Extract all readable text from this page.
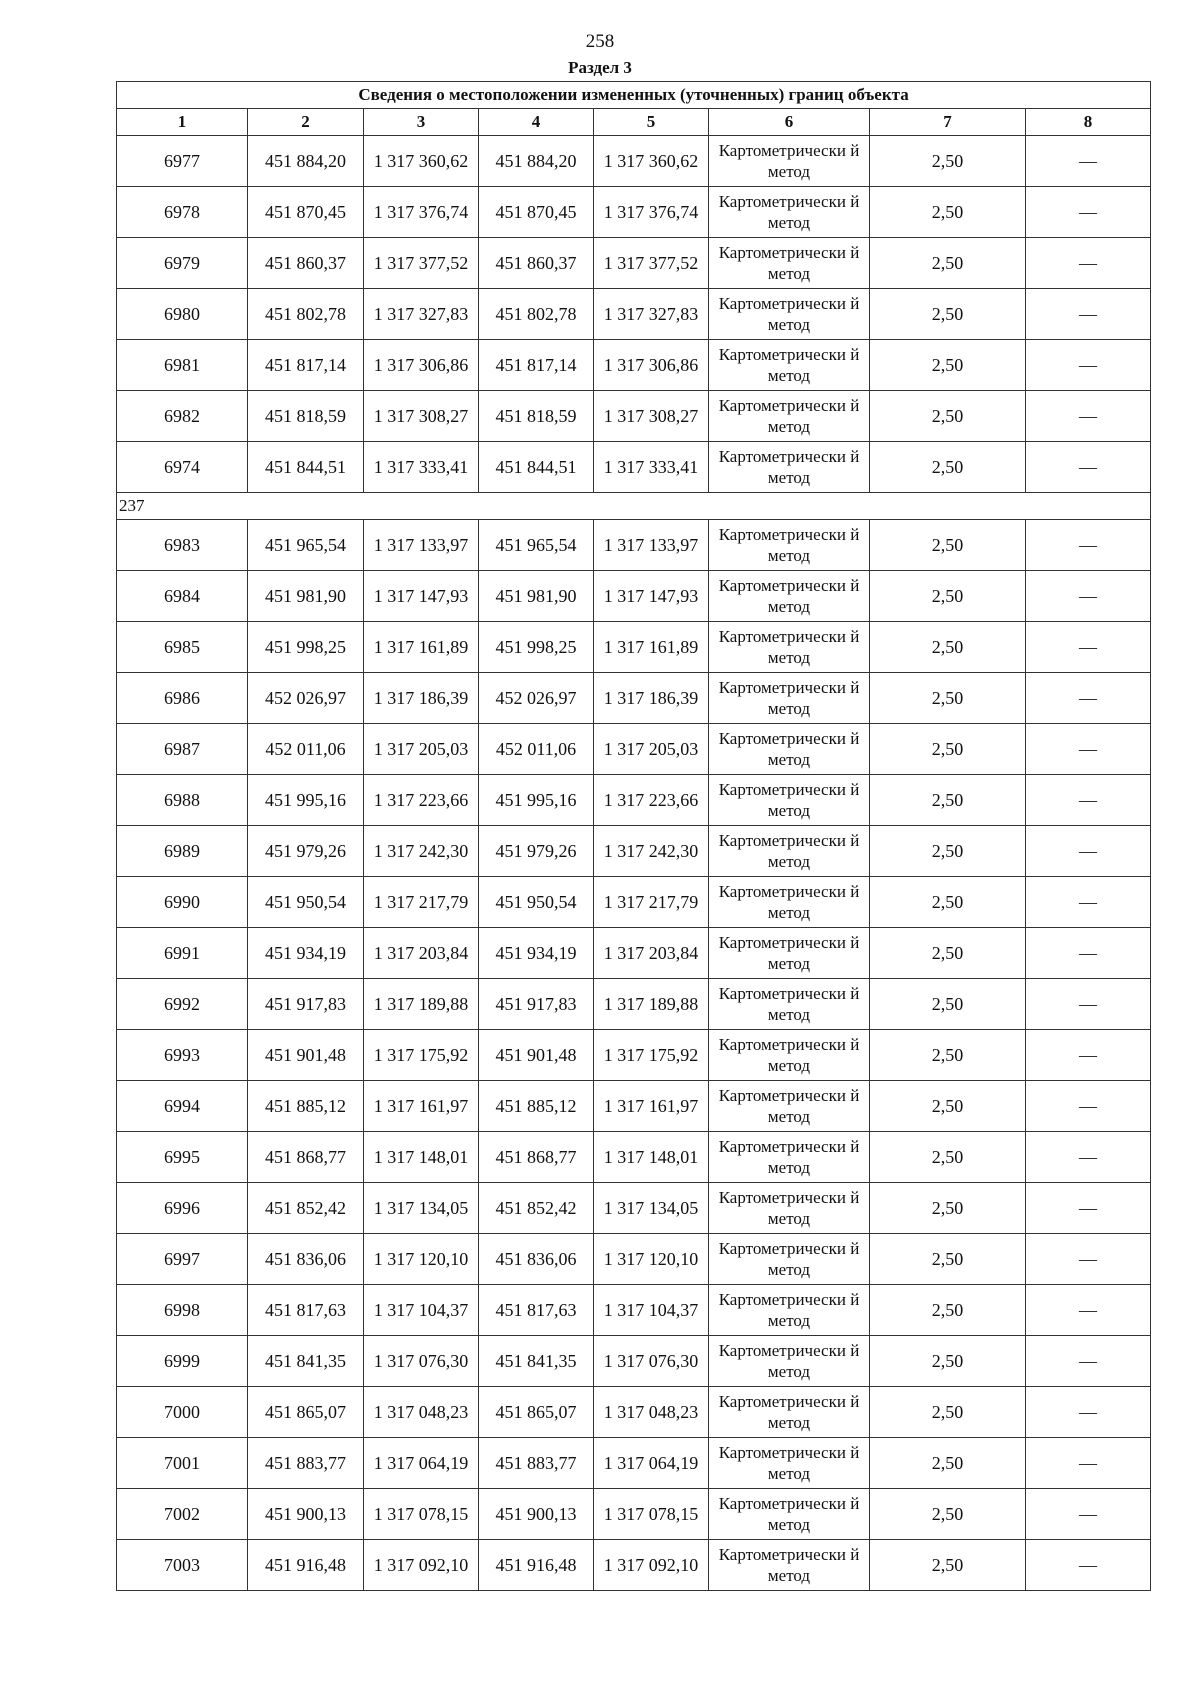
258
Раздел 3
Сведения о местоположении измененных (уточненных) границ объекта							
1	2	3	4	5	6	7	8
6977	451 884,20	1 317 360,62	451 884,20	1 317 360,62	Картометрически й метод	2,50	—
6978	451 870,45	1 317 376,74	451 870,45	1 317 376,74	Картометрически й метод	2,50	—
6979	451 860,37	1 317 377,52	451 860,37	1 317 377,52	Картометрически й метод	2,50	—
6980	451 802,78	1 317 327,83	451 802,78	1 317 327,83	Картометрически й метод	2,50	—
6981	451 817,14	1 317 306,86	451 817,14	1 317 306,86	Картометрически й метод	2,50	—
6982	451 818,59	1 317 308,27	451 818,59	1 317 308,27	Картометрически й метод	2,50	—
6974	451 844,51	1 317 333,41	451 844,51	1 317 333,41	Картометрически й метод	2,50	—
237							
6983	451 965,54	1 317 133,97	451 965,54	1 317 133,97	Картометрически й метод	2,50	—
6984	451 981,90	1 317 147,93	451 981,90	1 317 147,93	Картометрически й метод	2,50	—
6985	451 998,25	1 317 161,89	451 998,25	1 317 161,89	Картометрически й метод	2,50	—
6986	452 026,97	1 317 186,39	452 026,97	1 317 186,39	Картометрически й метод	2,50	—
6987	452 011,06	1 317 205,03	452 011,06	1 317 205,03	Картометрически й метод	2,50	—
6988	451 995,16	1 317 223,66	451 995,16	1 317 223,66	Картометрически й метод	2,50	—
6989	451 979,26	1 317 242,30	451 979,26	1 317 242,30	Картометрически й метод	2,50	—
6990	451 950,54	1 317 217,79	451 950,54	1 317 217,79	Картометрически й метод	2,50	—
6991	451 934,19	1 317 203,84	451 934,19	1 317 203,84	Картометрически й метод	2,50	—
6992	451 917,83	1 317 189,88	451 917,83	1 317 189,88	Картометрически й метод	2,50	—
6993	451 901,48	1 317 175,92	451 901,48	1 317 175,92	Картометрически й метод	2,50	—
6994	451 885,12	1 317 161,97	451 885,12	1 317 161,97	Картометрически й метод	2,50	—
6995	451 868,77	1 317 148,01	451 868,77	1 317 148,01	Картометрически й метод	2,50	—
6996	451 852,42	1 317 134,05	451 852,42	1 317 134,05	Картометрически й метод	2,50	—
6997	451 836,06	1 317 120,10	451 836,06	1 317 120,10	Картометрически й метод	2,50	—
6998	451 817,63	1 317 104,37	451 817,63	1 317 104,37	Картометрически й метод	2,50	—
6999	451 841,35	1 317 076,30	451 841,35	1 317 076,30	Картометрически й метод	2,50	—
7000	451 865,07	1 317 048,23	451 865,07	1 317 048,23	Картометрически й метод	2,50	—
7001	451 883,77	1 317 064,19	451 883,77	1 317 064,19	Картометрически й метод	2,50	—
7002	451 900,13	1 317 078,15	451 900,13	1 317 078,15	Картометрически й метод	2,50	—
7003	451 916,48	1 317 092,10	451 916,48	1 317 092,10	Картометрически й метод	2,50	—
